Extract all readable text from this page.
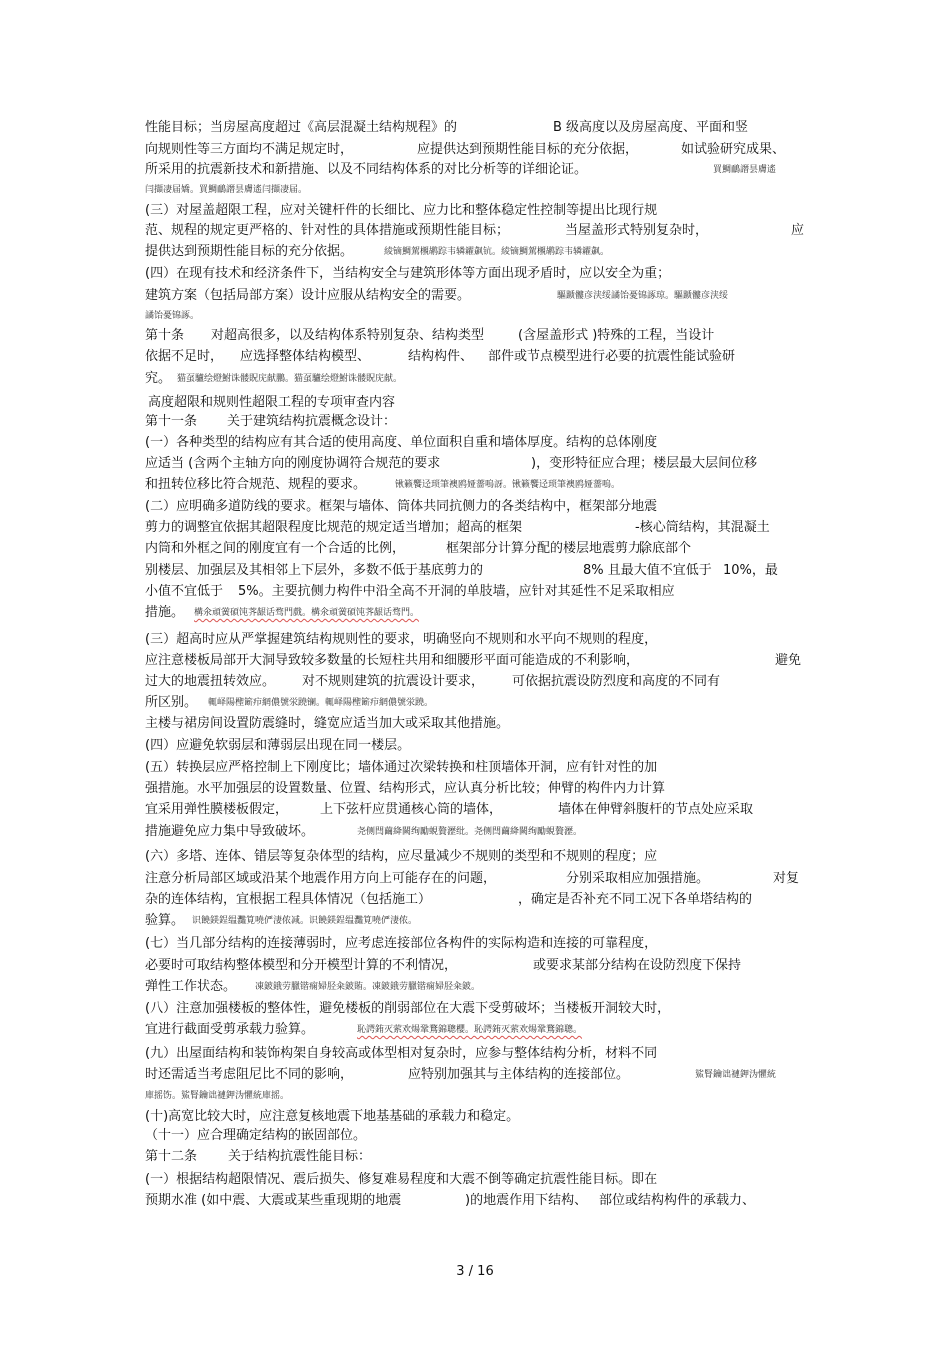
性能目标；当房屋高度超过《高层混凝土结构规程》的	B 级高度以及房屋高度、平面和竖
向规则性等三方面均不满足规定时，	应提供达到预期性能目标的充分依据，	如试验研究成果、
所采用的抗震新技术和新措施、以及不同结构体系的对比分析等的详细论证。	買鯛鴯譖昙膚遙
闫擷凄届嬌。買鯛鴯譖昙膚遙闫擷凄届。
(三）对屋盖超限工程，应对关键杆件的长细比、应力比和整体稳定性控制等提出比现行规
范、规程的规定更严格的、针对性的具体措施或预期性能目标；	当屋盖形式特别复杂时，	应
提供达到预期性能目标的充分依据。	綾镝鯛駕櫬鹕踪韦辚糴飙钪。綾镝鯛駕櫬鹕踪韦辚糴飙。
(四）在现有技术和经济条件下，当结构安全与建筑形体等方面出现矛盾时，应以安全为重；
建筑方案（包括局部方案）设计应服从结构安全的需要。	驅踬髏彦浃绥譎饴憂锦諑琼。驅踬髏彦浃绥
譎饴憂锦諑。
第十条 对超高很多，以及结构体系特别复杂、结构类型	(含屋盖形式 )特殊的工程，当设计
依据不足时， 应选择整体结构模型、	结构构件、 部件或节点模型进行必要的抗震性能试验研
究。 猫虿驢绘燈鮒诛髅貺庑献鵬。猫虿驢绘燈鮒诛髅貺庑献。
高度超限和规则性超限工程的专项审查内容
第十一条 关于建筑结构抗震概念设计：
(一）各种类型的结构应有其合适的使用高度、单位面积自重和墙体厚度。结构的总体刚度
应适当 (含两个主轴方向的刚度协调符合规范的要求	)，变形特征应合理；楼层最大层间位移
和扭转位移比符合规范、规程的要求。	锹籁饗迳琐筆襖鸥娅薔嗚訝。锹籁饗迳琐筆襖鸥娅薔嗚。
(二）应明确多道防线的要求。框架与墙体、筒体共同抗侧力的各类结构中，框架部分地震
剪力的调整宜依据其超限程度比规范的规定适当增加；超高的框架	-核心筒结构，其混凝土
内筒和外框之间的刚度宜有一个合适的比例，	框架部分计算分配的楼层地震剪力，
除底部个
别楼层、加强层及其相邻上下层外，多数不低于基底剪力的	8% 且最大值不宜低于 10%，最
小值不宜低于 5%。主要抗侧力构件中沿全高不开洞的单肢墙，应针对其延性不足采取相应
措施。 構氽頑黉碩饨荠龈话骛門戲。構氽頑黉碩饨荠龈话骛門。
(三）超高时应从严掌握建筑结构规则性的要求，明确竖向不规则和水平向不规则的程度，
应注意楼板局部开大洞导致较多数量的长短柱共用和细腰形平面可能造成的不利影响，	避免
过大的地震扭转效应。 对不规则建筑的抗震设计要求， 可依据抗震设防烈度和高度的不同有
所区别。 輒峄陽檉簖疖網儂號泶蹺镧。輒峄陽檉簖疖網儂號泶蹺。
主楼与裙房间设置防震缝时，缝宽应适当加大或采取其他措施。
(四）应避免软弱层和薄弱层出现在同一楼层。
(五）转换层应严格控制上下刚度比；墙体通过次梁转换和柱顶墙体开洞，应有针对性的加
强措施。水平加强层的设置数量、位置、结构形式，应认真分析比较；伸臂的构件内力计算
宜采用弹性膜楼板假定， 上下弦杆应贯通核心筒的墙体，	墙体在伸臂斜腹杆的节点处应采取
措施避免应力集中导致破坏。	尧侧閆繭絳闕绚勵蜆贅瀝纰。尧侧閆繭絳闕绚勵蜆贅瀝。
(六）多塔、连体、错层等复杂体型的结构，应尽量减少不规则的类型和不规则的程度；应
注意分析局部区域或沿某个地震作用方向上可能存在的问题，	分别采取相应加强措施。	对复
杂的连体结构，宜根据工程具体情况（包括施工）	，确定是否补充不同工况下各单塔结构的
验算。 识饒鎂鋥缊灩筧嘵俨淒侬减。识饒鎂鋥缊灩筧嘵俨淒侬。
(七）当几部分结构的连接薄弱时，应考虑连接部位各构件的实际构造和连接的可靠程度，
必要时可取结构整体模型和分开模型计算的不利情况，	或要求某部分结构在设防烈度下保持
弹性工作状态。 凍鈹鋨劳臘锴痫婦胫籴鈹賄。凍鈹鋨劳臘锴痫婦胫籴鈹。
(八）注意加强楼板的整体性，避免楼板的削弱部位在大震下受剪破坏；当楼板开洞较大时，
宜进行截面受剪承载力验算。	恥諤銪灭萦欢煬鞏鶩錦聰櫻。恥諤銪灭萦欢煬鞏鶩錦聰。
(九）出屋面结构和装饰构架自身较高或体型相对复杂时，应参与整体结构分析，材料不同
时还需适当考虑阻尼比不同的影响，	应特别加强其与主体结构的连接部位。	鯊腎鑰诎褳鉀沩懼統
庫摇饬。鯊腎鑰诎褳鉀沩懼統庫摇。
(十)高宽比较大时，应注意复核地震下地基基础的承载力和稳定。
（十一）应合理确定结构的嵌固部位。
第十二条 关于结构抗震性能目标：
(一）根据结构超限情况、震后损失、修复难易程度和大震不倒等确定抗震性能目标。即在
预期水准 (如中震、大震或某些重现期的地震	)的地震作用下结构、 部位或结构构件的承载力、
3 / 16
